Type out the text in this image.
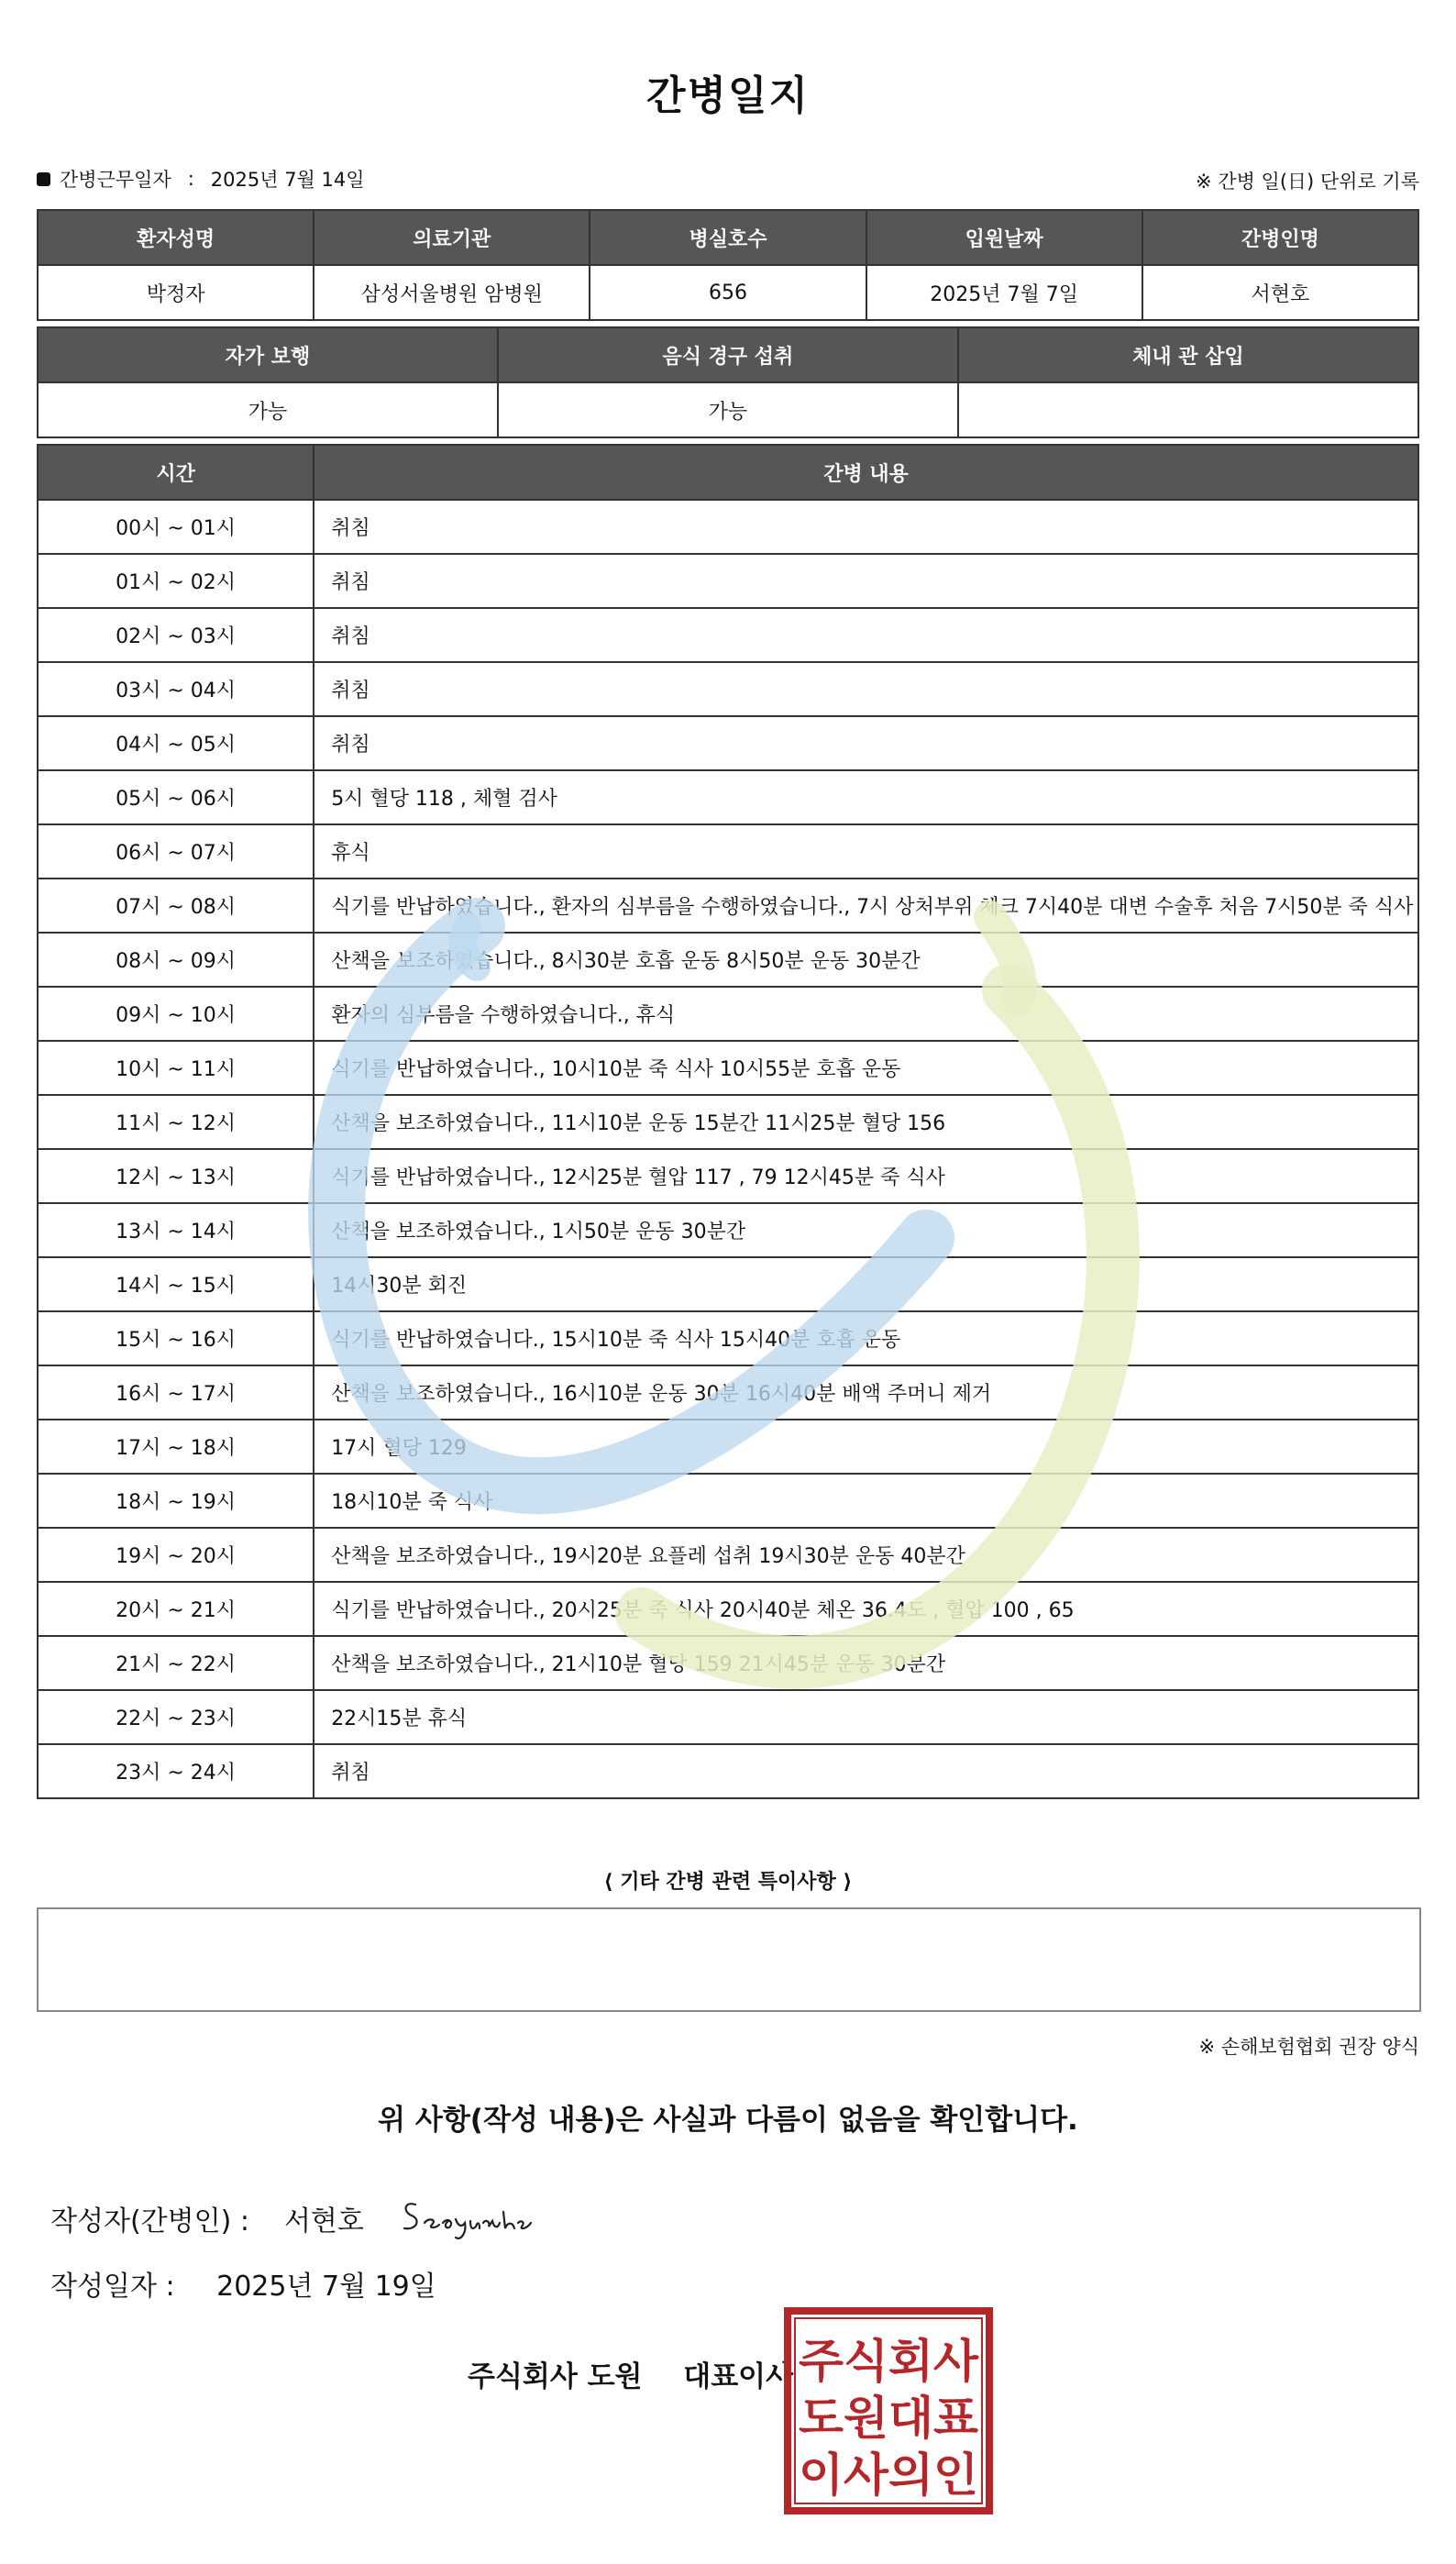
간병일지
간병근무일자 : 2025년 7월 14일	※ 간병 일(日) 단위로 기록
환자성명	의료기관	병실호수	입원날짜	간병인명
박정자	삼성서울병원 암병원	656	2025년 7월 7일	서현호
자가 보행	음식 경구 섭취	체내 관 삽입
가능	가능	
시간	간병 내용
00시 ~ 01시	취침
01시 ~ 02시	취침
02시 ~ 03시	취침
03시 ~ 04시	취침
04시 ~ 05시	취침
05시 ~ 06시	5시 혈당 118 , 체혈 검사
06시 ~ 07시	휴식
07시 ~ 08시	식기를 반납하였습니다., 환자의 심부름을 수행하였습니다., 7시 상처부위 체크 7시40분 대변 수술후 처음 7시50분 죽 식사
08시 ~ 09시	산책을 보조하였습니다., 8시30분 호흡 운동 8시50분 운동 30분간
09시 ~ 10시	환자의 심부름을 수행하였습니다., 휴식
10시 ~ 11시	식기를 반납하였습니다., 10시10분 죽 식사 10시55분 호흡 운동
11시 ~ 12시	산책을 보조하였습니다., 11시10분 운동 15분간 11시25분 혈당 156
12시 ~ 13시	식기를 반납하였습니다., 12시25분 혈압 117 , 79 12시45분 죽 식사
13시 ~ 14시	산책을 보조하였습니다., 1시50분 운동 30분간
14시 ~ 15시	14시30분 회진
15시 ~ 16시	식기를 반납하였습니다., 15시10분 죽 식사 15시40분 호흡 운동
16시 ~ 17시	산책을 보조하였습니다., 16시10분 운동 30분 16시40분 배액 주머니 제거
17시 ~ 18시	17시 혈당 129
18시 ~ 19시	18시10분 죽 식사
19시 ~ 20시	산책을 보조하였습니다., 19시20분 요플레 섭취 19시30분 운동 40분간
20시 ~ 21시	식기를 반납하였습니다., 20시25분 죽 식사 20시40분 체온 36.4도 , 혈압 100 , 65
21시 ~ 22시	산책을 보조하였습니다., 21시10분 혈당 159 21시45분 운동 30분간
22시 ~ 23시	22시15분 휴식
23시 ~ 24시	취침
⟨ 기타 간병 관련 특이사항 ⟩
※ 손해보험협회 권장 양식
위 사항(작성 내용)은 사실과 다름이 없음을 확인합니다.
작성자(간병인) : 서현호
작성일자 : 2025년 7월 19일
주식회사 도원 대표이사 주식회사
도원대표
이사의인
